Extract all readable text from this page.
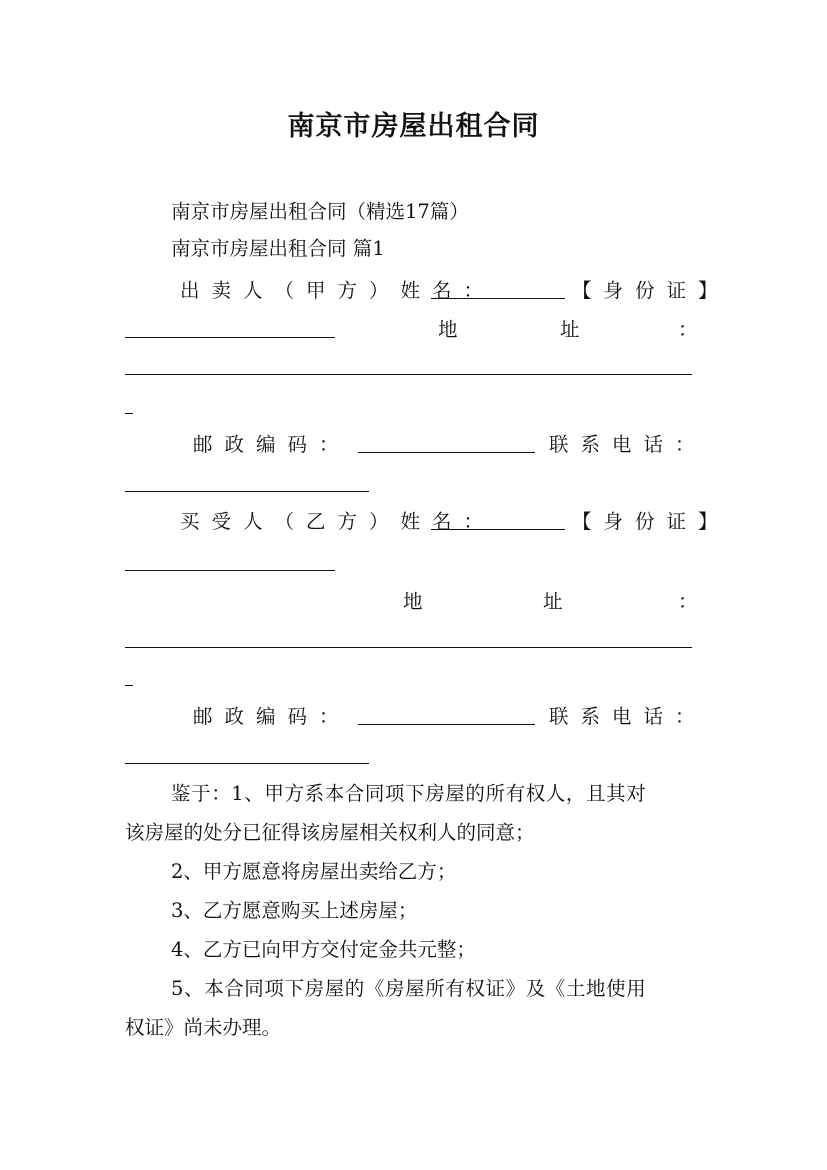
南京市房屋出租合同
南京市房屋出租合同（精选17篇）
南京市房屋出租合同 篇1
出卖人（甲方）姓名：	【身份证】
地	址	：
邮政编码：	联系电话：
买受人（乙方）姓名：	【身份证】
地	址	：
邮政编码：	联系电话：
鉴于：1、甲方系本合同项下房屋的所有权人，且其对
该房屋的处分已征得该房屋相关权利人的同意；
2、甲方愿意将房屋出卖给乙方；
3、乙方愿意购买上述房屋；
4、乙方已向甲方交付定金共元整；
5、本合同项下房屋的《房屋所有权证》及《土地使用
权证》尚未办理。
